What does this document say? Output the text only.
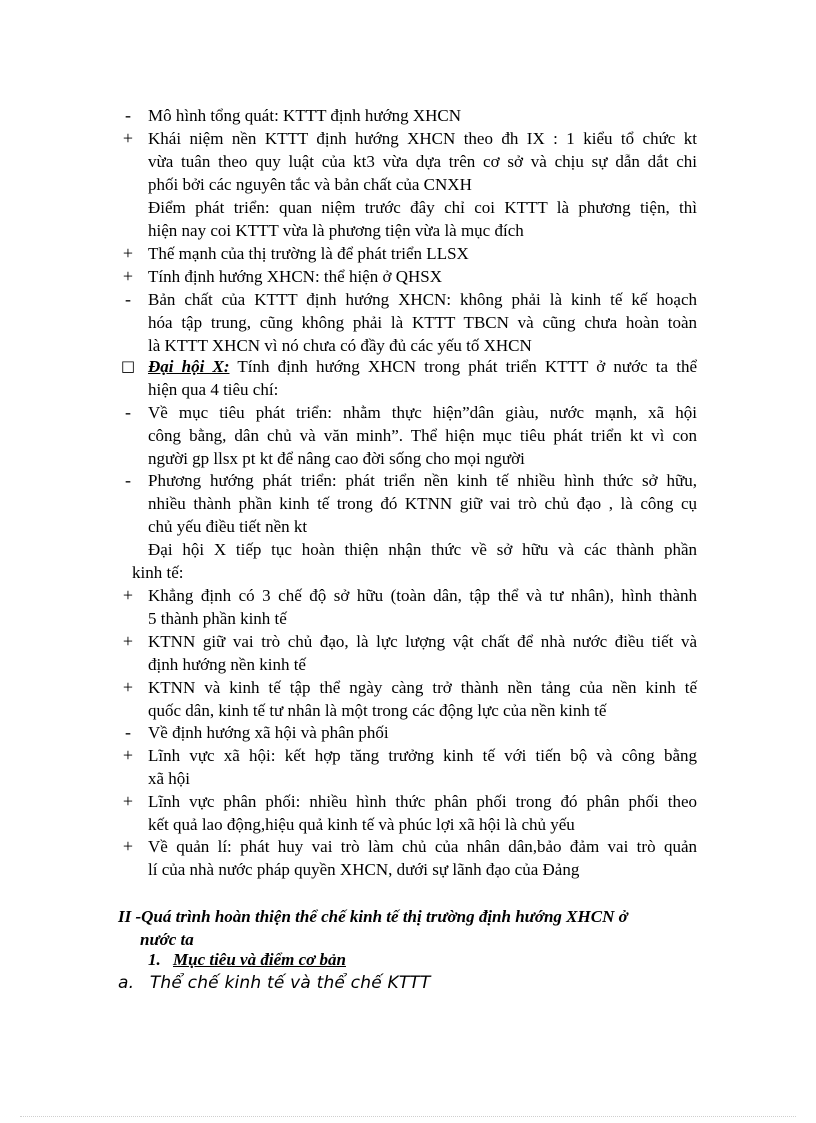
- Mô hình tổng quát: KTTT định hướng XHCN
+ Khái niệm nền KTTT định hướng XHCN theo đh IX : 1 kiểu tổ chức kt
vừa tuân theo quy luật của kt3 vừa dựa trên cơ sở và chịu sự dẫn dắt chi
phối bởi các nguyên tắc và bản chất của CNXH
Điểm phát triển: quan niệm trước đây chỉ coi KTTT là phương tiện, thì
hiện nay coi KTTT vừa là phương tiện vừa là mục đích
+ Thế mạnh của thị trường là để phát triển LLSX
+ Tính định hướng XHCN: thể hiện ở QHSX
- Bản chất của KTTT định hướng XHCN: không phải là kinh tế kế hoạch
hóa tập trung, cũng không phải là KTTT TBCN và cũng chưa hoàn toàn
là KTTT XHCN vì nó chưa có đầy đủ các yếu tố XHCN
□ Đại hội X: Tính định hướng XHCN trong phát triển KTTT ở nước ta thể
hiện qua 4 tiêu chí:
- Về mục tiêu phát triển: nhằm thực hiện”dân giàu, nước mạnh, xã hội
công bằng, dân chủ và văn minh”. Thể hiện mục tiêu phát triển kt vì con
người gp llsx pt kt để nâng cao đời sống cho mọi người
- Phương hướng phát triển: phát triển nền kinh tế nhiều hình thức sở hữu,
nhiều thành phần kinh tế trong đó KTNN giữ vai trò chủ đạo , là công cụ
chủ yếu điều tiết nền kt
Đại hội X tiếp tục hoàn thiện nhận thức về sở hữu và các thành phần
kinh tế:
+ Khẳng định có 3 chế độ sở hữu (toàn dân, tập thể và tư nhân), hình thành
5 thành phần kinh tế
+ KTNN giữ vai trò chủ đạo, là lực lượng vật chất để nhà nước điều tiết và
định hướng nền kinh tế
+ KTNN và kinh tế tập thể ngày càng trở thành nền tảng của nền kinh tế
quốc dân, kinh tế tư nhân là một trong các động lực của nền kinh tế
- Về định hướng xã hội và phân phối
+ Lĩnh vực xã hội: kết hợp tăng trưởng kinh tế với tiến bộ và công bằng
xã hội
+ Lĩnh vực phân phối: nhiều hình thức phân phối trong đó phân phối theo
kết quả lao động,hiệu quả kinh tế và phúc lợi xã hội là chủ yếu
+ Về quản lí: phát huy vai trò làm chủ của nhân dân,bảo đảm vai trò quản
lí của nhà nước pháp quyền XHCN, dưới sự lãnh đạo của Đảng
II -Quá trình hoàn thiện thể chế kinh tế thị trường định hướng XHCN ở
nước ta
1. Mục tiêu và điểm cơ bản
a. Thể chế kinh tế và thể chế KTTT
